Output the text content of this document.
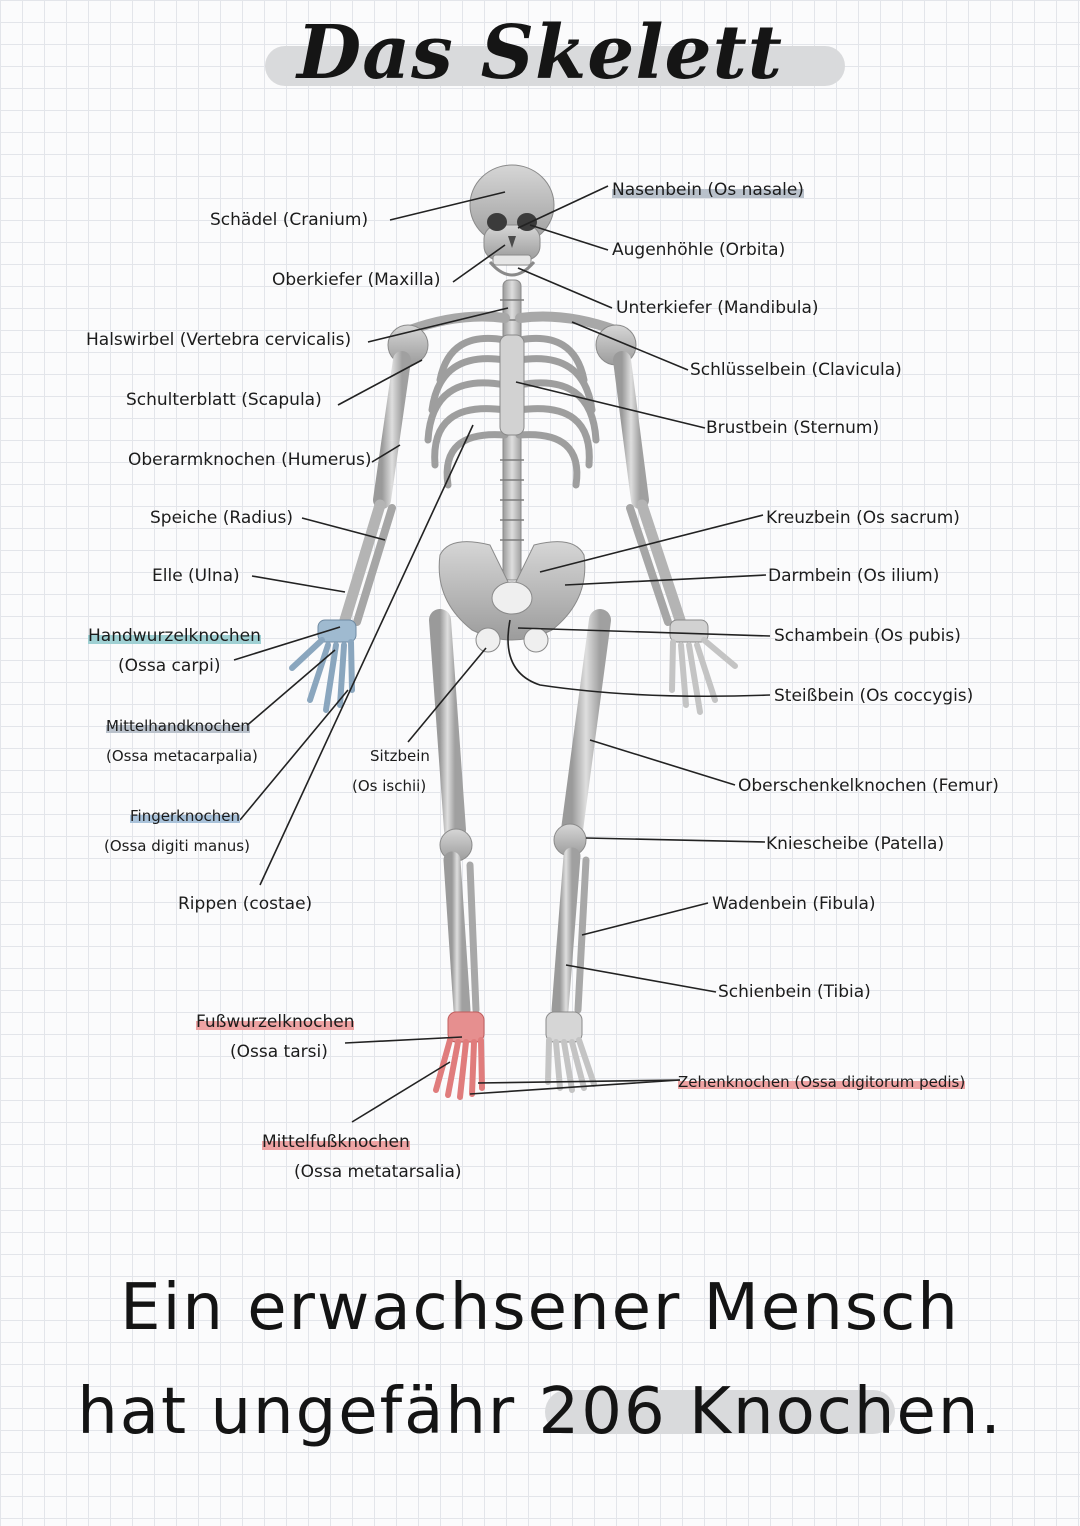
Das Skelett
Nasenbein (Os nasale)
Schädel (Cranium)
Augenhöhle (Orbita)
Oberkiefer (Maxilla)
Unterkiefer (Mandibula)
Halswirbel (Vertebra cervicalis)
Schlüsselbein (Clavicula)
Schulterblatt (Scapula)
Brustbein (Sternum)
Oberarmknochen (Humerus)
Speiche (Radius)	Kreuzbein (Os sacrum)
Elle (Ulna)	Darmbein (Os ilium)
Handwurzelknochen
(Ossa carpi)
Schambein (Os pubis)
Steißbein (Os coccygis)
Mittelhandknochen
(Ossa metacarpalia)	Sitzbein
(Os ischii)	Oberschenkelknochen (Femur)
Fingerknochen
(Ossa digiti manus)	Kniescheibe (Patella)
Rippen (costae)	Wadenbein (Fibula)
Schienbein (Tibia)
Fußwurzelknochen
(Ossa tarsi)
Zehenknochen (Ossa digitorum pedis)
Mittelfußknochen
(Ossa metatarsalia)
Ein erwachsener Mensch
hat ungefähr 206 Knochen.
